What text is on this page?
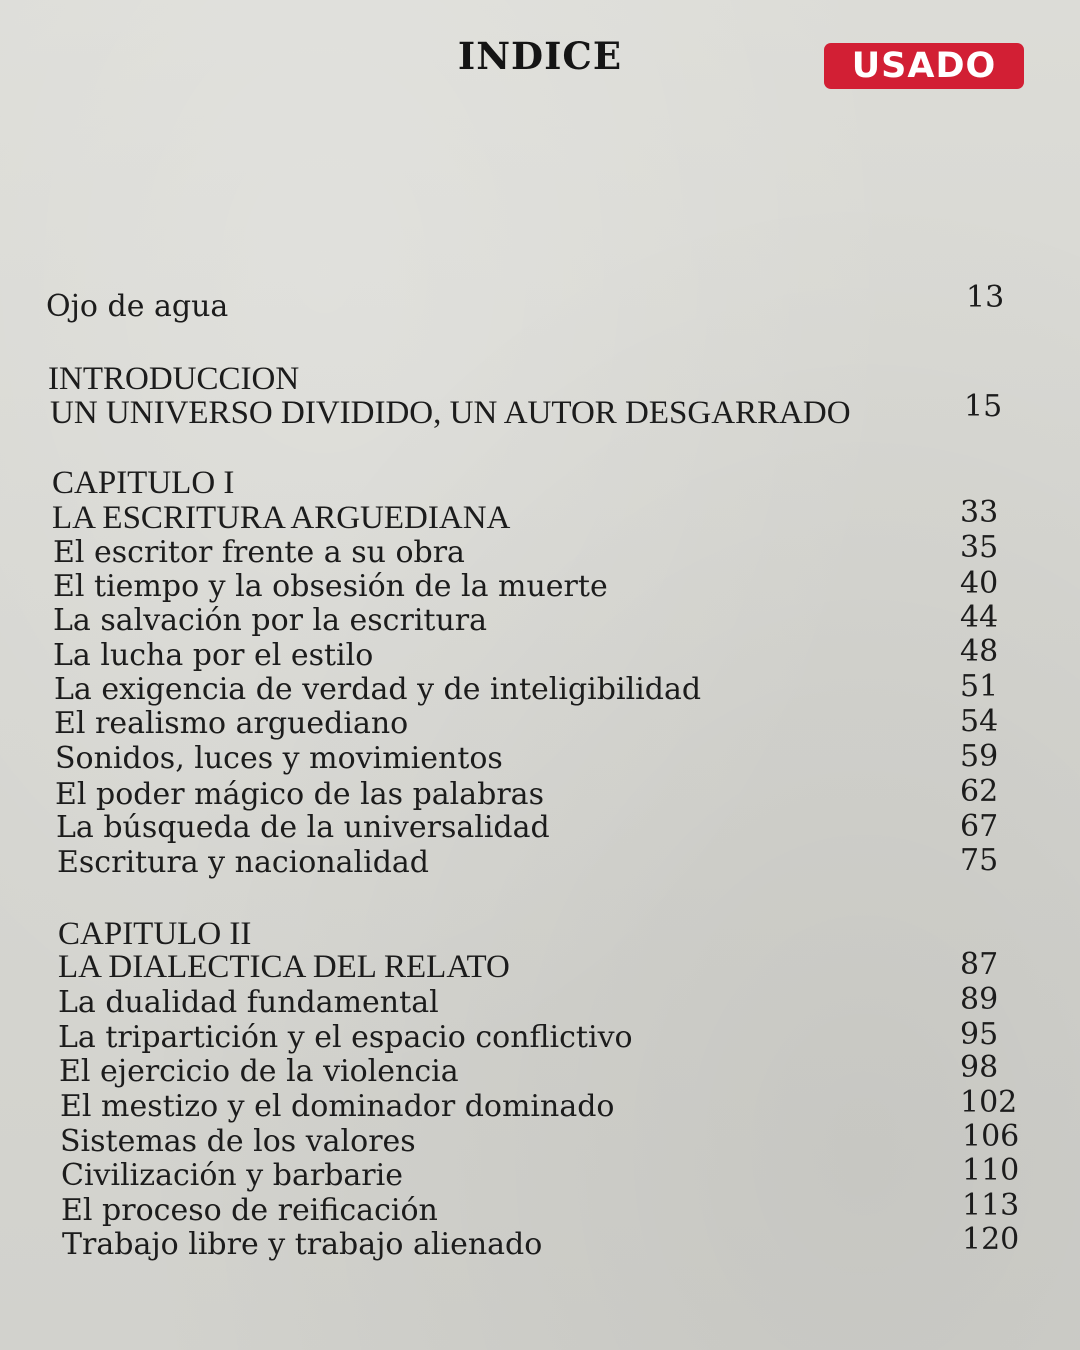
INDICE	USADO
Ojo de agua	13
INTRODUCCION
UN UNIVERSO DIVIDIDO, UN AUTOR DESGARRADO	15
CAPITULO I
LA ESCRITURA ARGUEDIANA	33
El escritor frente a su obra	35
El tiempo y la obsesión de la muerte	40
La salvación por la escritura	44
La lucha por el estilo	48
La exigencia de verdad y de inteligibilidad	51
El realismo arguediano	54
Sonidos, luces y movimientos	59
El poder mágico de las palabras	62
La búsqueda de la universalidad	67
Escritura y nacionalidad	75
CAPITULO II
LA DIALECTICA DEL RELATO	87
La dualidad fundamental	89
La tripartición y el espacio conflictivo	95
El ejercicio de la violencia	98
El mestizo y el dominador dominado	102
Sistemas de los valores	106
Civilización y barbarie	110
El proceso de reificación	113
Trabajo libre y trabajo alienado	120
